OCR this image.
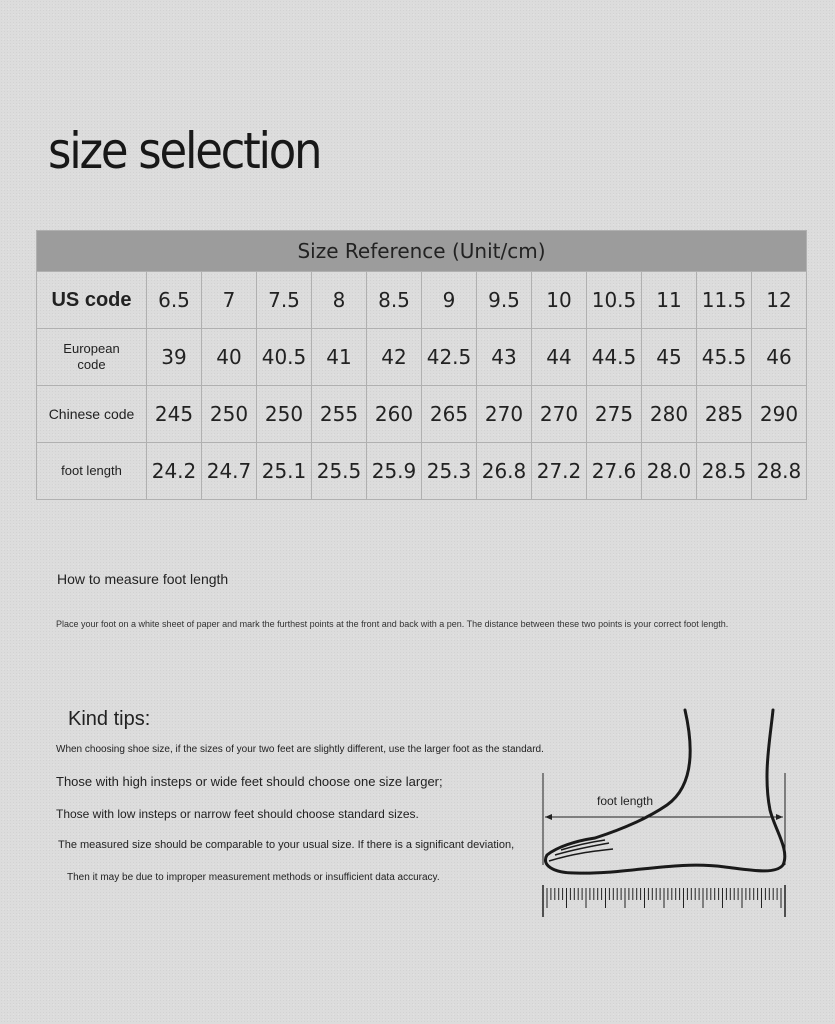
size selection
Size Reference (Unit/cm)												
US code	6.5	7	7.5	8	8.5	9	9.5	10	10.5	11	11.5	12
European code	39	40	40.5	41	42	42.5	43	44	44.5	45	45.5	46
Chinese code	245	250	250	255	260	265	270	270	275	280	285	290
foot length	24.2	24.7	25.1	25.5	25.9	25.3	26.8	27.2	27.6	28.0	28.5	28.8
How to measure foot length
Place your foot on a white sheet of paper and mark the furthest points at the front and back with a pen. The distance between these two points is your correct foot length.
Kind tips:
When choosing shoe size, if the sizes of your two feet are slightly different, use the larger foot as the standard.
Those with high insteps or wide feet should choose one size larger;
Those with low insteps or narrow feet should choose standard sizes.
The measured size should be comparable to your usual size. If there is a significant deviation,
Then it may be due to improper measurement methods or insufficient data accuracy.
foot length
